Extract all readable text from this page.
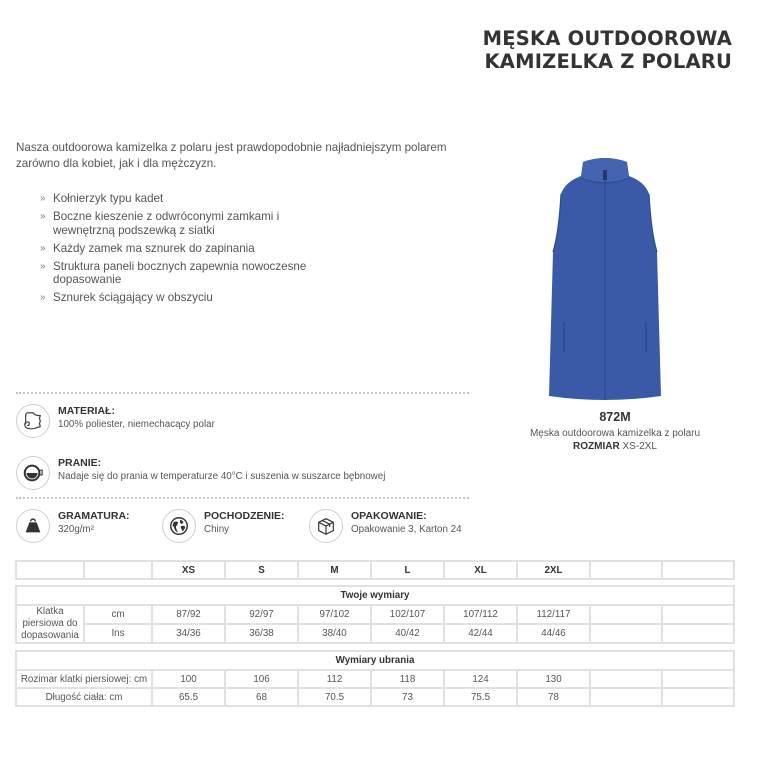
MĘSKA OUTDOOROWA
KAMIZELKA Z POLARU

Nasza outdoorowa kamizelka z polaru jest prawdopodobnie najładniejszym polarem zarówno dla kobiet, jak i dla mężczyzn.

» Kołnierzyk typu kadet
» Boczne kieszenie z odwróconymi zamkami i wewnętrzną podszewką z siatki
» Każdy zamek ma sznurek do zapinania
» Struktura paneli bocznych zapewnia nowoczesne dopasowanie
» Sznurek ściągający w obszyciu
872M
Męska outdoorowa kamizelka z polaru
ROZMIAR XS-2XL
MATERIAŁ:
100% poliester, niemechacący polar
PRANIE:
Nadaje się do prania w temperaturze 40°C i suszenia w suszarce bębnowej
GRAMATURA:
320g/m²
POCHODZENIE:
Chiny
OPAKOWANIE:
Opakowanie 3, Karton 24
		XS	S	M	L	XL	2XL		
Twoje wymiary									
Klatka piersiowa do dopasowania	cm	87/92	92/97	97/102	102/107	107/112	112/117		
	Ins	34/36	36/38	38/40	40/42	42/44	44/46		
Wymiary ubrania								
Rozimar klatki piersiowej: cm	100	106	112	118	124	130		
Długość ciała: cm	65.5	68	70.5	73	75.5	78		
